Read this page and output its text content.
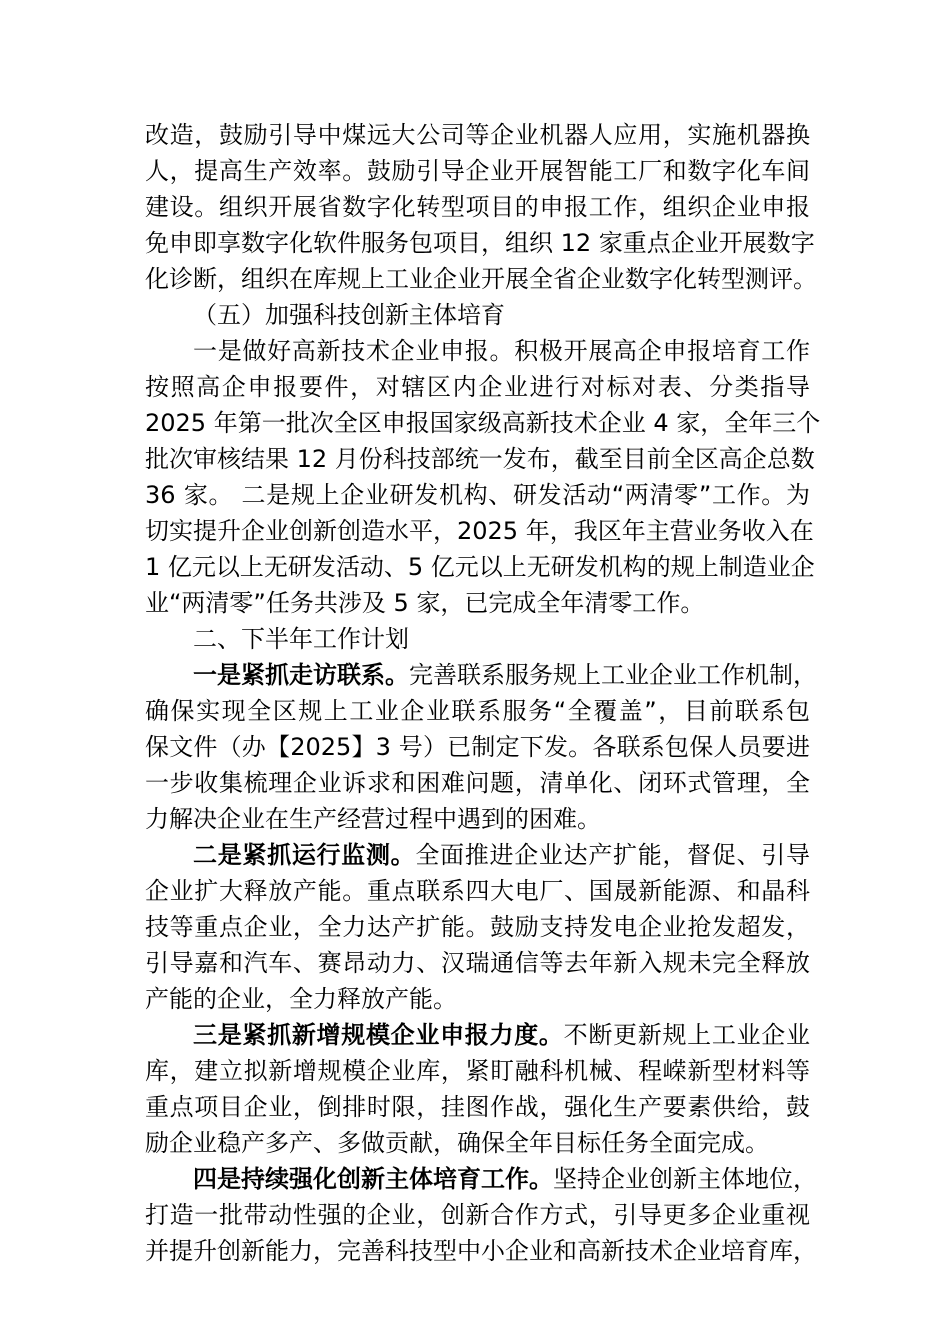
改造，鼓励引导中煤远大公司等企业机器人应用，实施机器换
人，提高生产效率。鼓励引导企业开展智能工厂和数字化车间
建设。组织开展省数字化转型项目的申报工作，组织企业申报
免申即享数字化软件服务包项目，组织 12 家重点企业开展数字
化诊断，组织在库规上工业企业开展全省企业数字化转型测评。
（五）加强科技创新主体培育
一是做好高新技术企业申报。积极开展高企申报培育工作
按照高企申报要件，对辖区内企业进行对标对表、分类指导
2025 年第一批次全区申报国家级高新技术企业 4 家，全年三个
批次审核结果 12 月份科技部统一发布，截至目前全区高企总数
36 家。 二是规上企业研发机构、研发活动“两清零”工作。为
切实提升企业创新创造水平，2025 年，我区年主营业务收入在
1 亿元以上无研发活动、5 亿元以上无研发机构的规上制造业企
业“两清零”任务共涉及 5 家，已完成全年清零工作。
二、下半年工作计划
一是紧抓走访联系。完善联系服务规上工业企业工作机制，
确保实现全区规上工业企业联系服务“全覆盖”，目前联系包
保文件（办【2025】3 号）已制定下发。各联系包保人员要进
一步收集梳理企业诉求和困难问题，清单化、闭环式管理，全
力解决企业在生产经营过程中遇到的困难。
二是紧抓运行监测。全面推进企业达产扩能，督促、引导
企业扩大释放产能。重点联系四大电厂、国晟新能源、和晶科
技等重点企业，全力达产扩能。鼓励支持发电企业抢发超发，
引导嘉和汽车、赛昂动力、汉瑞通信等去年新入规未完全释放
产能的企业，全力释放产能。
三是紧抓新增规模企业申报力度。不断更新规上工业企业
库，建立拟新增规模企业库，紧盯融科机械、程嵘新型材料等
重点项目企业，倒排时限，挂图作战，强化生产要素供给，鼓
励企业稳产多产、多做贡献，确保全年目标任务全面完成。
四是持续强化创新主体培育工作。坚持企业创新主体地位，
打造一批带动性强的企业，创新合作方式，引导更多企业重视
并提升创新能力，完善科技型中小企业和高新技术企业培育库，
